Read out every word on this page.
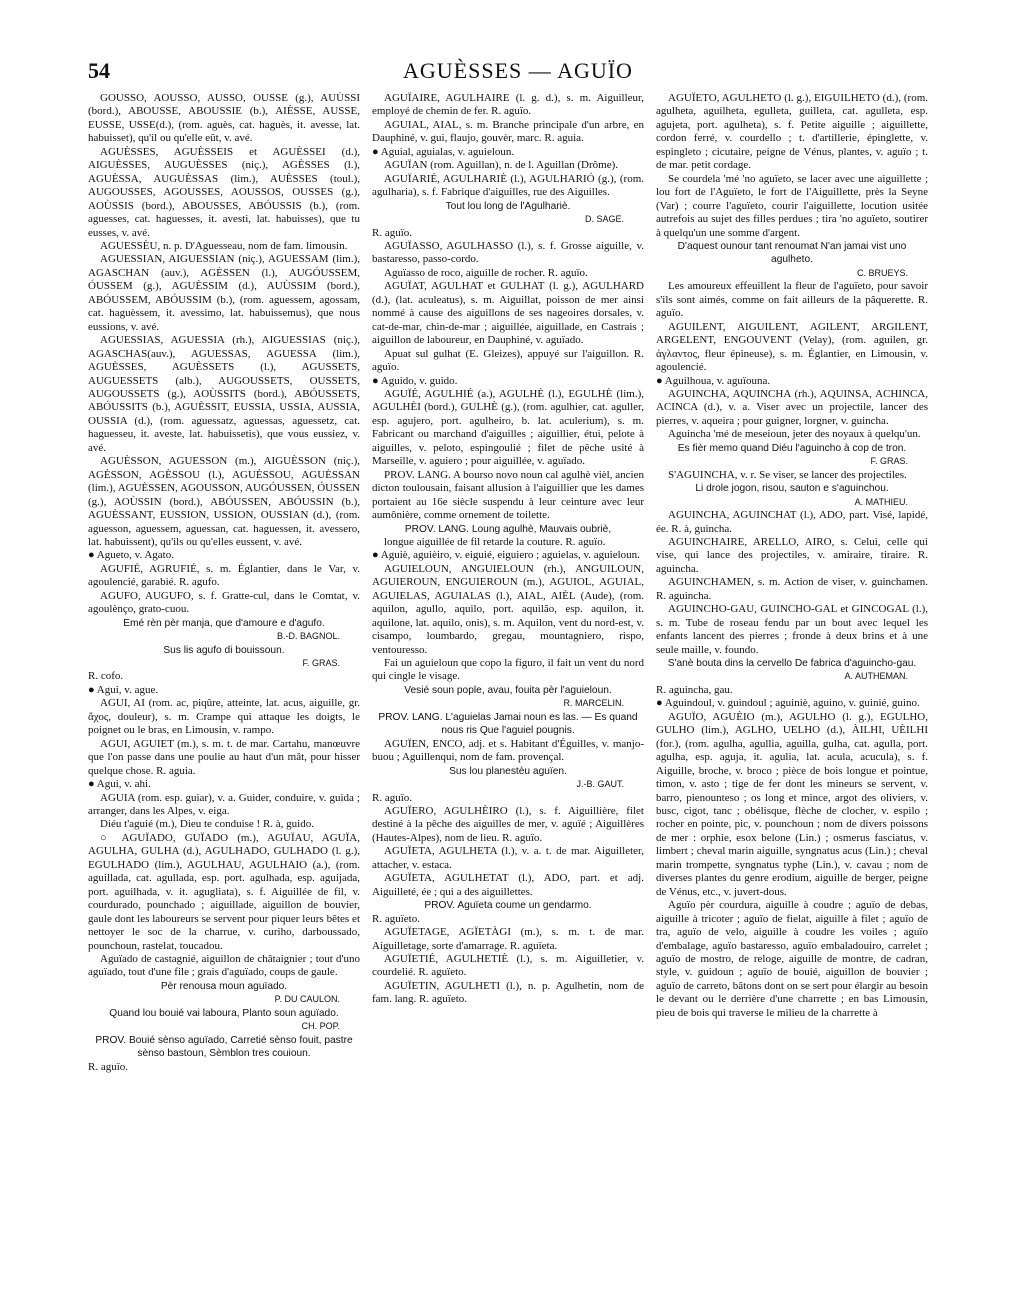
54	AGUÈSSES — AGUÏO

GOUSSO, AOUSSO, AUSSO, OUSSE (g.), AUÙSSI (bord.), ABOUSSE, ABOUSSIE (b.), AIÈSSE, AUSSE, EUSSE, USSE(d.), (rom. aguès, cat. haguès, it. avesse, lat. habuisset), qu'il ou qu'elle eût, v. avé.

AGUÈSSES, AGUÈSSEIS et AGUÈSSEI (d.), AIGUÈSSES, AUGUÈSSES (niç.), AGÈSSES (l.), AGUÈSSA, AUGUÈSSAS (lim.), AUÈSSES (toul.), AUGOUSSES, AGOUSSES, AOUSSOS, OUSSES (g.), AOÙSSIS (bord.), ABOUSSES, ABÓUSSIS (b.), (rom. aguesses, cat. haguesses, it. avesti, lat. habuisses), que tu eusses, v. avé.

AGUESSÈU, n. p. D'Aguesseau, nom de fam. limousin.

AGUESSIAN, AIGUESSIAN (niç.), AGUESSAM (lim.), AGASCHAN (auv.), AGÈSSEN (l.), AUGÓUSSEM, ÓUSSEM (g.), AGUÈSSIM (d.), AUÙSSIM (bord.), ABÓUSSEM, ABÓUSSIM (b.), (rom. aguessem, agossam, cat. haguèssem, it. avessimo, lat. habuissemus), que nous eussions, v. avé.

AGUESSIAS, AGUESSIA (rh.), AIGUESSIAS (niç.), AGASCHAS(auv.), AGUESSAS, AGUESSA (lim.), AGUÈSSES, AGUÈSSETS (l.), AGUSSETS, AUGUESSETS (alb.), AUGOUSSETS, OUSSETS, AUGOUSSETS (g.), AOÙSSITS (bord.), ABÓUSSETS, ABÓUSSITS (b.), AGUÈSSIT, EUSSIA, USSIA, AUSSIA, OUSSIA (d.), (rom. aguessatz, aguessas, aguessetz, cat. haguesseu, it. aveste, lat. habuissetis), que vous eussiez, v. avé.

AGUÈSSON, AGUESSON (m.), AIGUÈSSON (niç.), AGÈSSON, AGÈSSOU (l.), AGUÈSSOU, AGUÈSSAN (lim.), AGUÈSSEN, AGOUSSON, AUGÓUSSEN, ÓUSSEN (g.), AOÙSSIN (bord.), ABÓUSSEN, ABÓUSSIN (b.), AGUÈSSANT, EUSSION, USSION, OUSSIAN (d.), (rom. aguesson, aguessem, aguessan, cat. haguessen, it. avessero, lat. habuissent), qu'ils ou qu'elles eussent, v. avé.

● Agueto, v. Agato.

AGUFIÉ, AGRUFIÉ, s. m. Églantier, dans le Var, v. agoulencié, garabié. R. agufo.

AGUFO, AUGUFO, s. f. Gratte-cul, dans le Comtat, v. agoulènço, grato-cuou.

Emé rèn pèr manja, que d'amoure e d'agufo.

B.-D. BAGNOL.

Sus lis agufo di bouissoun.

F. GRAS.

R. cofo.

● Agui, v. ague.

AGUI, AI (rom. ac, piqûre, atteinte, lat. acus, aiguille, gr. ἄχος, douleur), s. m. Crampe qui attaque les doigts, le poignet ou le bras, en Limousin, v. rampo.

AGUI, AGUIET (m.), s. m. t. de mar. Cartahu, manœuvre que l'on passe dans une poulie au haut d'un mât, pour hisser quelque chose. R. aguia.

● Agui, v. ahi.

AGUIA (rom. esp. guiar), v. a. Guider, conduire, v. guida ; arranger, dans les Alpes, v. eiga.

Diéu t'aguié (m.), Dieu te conduise ! R. à, guido.

○ AGUÏADO, GUÏADO (m.), AGUÏAU, AGUÏA, AGULHA, GULHA (d.), AGULHADO, GULHADO (l. g.), EGULHADO (lim.), AGULHAU, AGULHAIO (a.), (rom. aguillada, cat. agullada, esp. port. agulhada, esp. aguijada, port. aguilhada, v. it. agugliata), s. f. Aiguillée de fil, v. courdurado, pounchado ; aiguillade, aiguillon de bouvier, gaule dont les laboureurs se servent pour piquer leurs bêtes et nettoyer le soc de la charrue, v. curiho, darboussado, pounchoun, rastelat, toucadou.

Aguïado de castagnié, aiguillon de châtaignier ; tout d'uno aguïado, tout d'une file ; grais d'aguïado, coups de gaule.

Pèr renousa moun aguïado.

P. DU CAULON.

Quand lou bouié vai laboura, Planto soun aguïado.

CH. POP.

PROV. Bouié sènso aguïado, Carretié sènso fouit, pastre sènso bastoun, Sèmblon tres couioun.

R. aguïo.

AGUÏAIRE, AGULHAIRE (l. g. d.), s. m. Aiguilleur, employé de chemin de fer. R. aguïo.

AGUIAL, AIAL, s. m. Branche principale d'un arbre, en Dauphiné, v. gui, flaujo, gouvèr, marc. R. aguia.

● Aguial, aguialas, v. aguieloun.

AGUÏAN (rom. Aguillan), n. de l. Aguillan (Drôme).

AGUÏARIÉ, AGULHARIÈ (l.), AGULHARIÓ (g.), (rom. agulharia), s. f. Fabrique d'aiguilles, rue des Aiguilles.

Tout lou long de l'Agulhariè.

D. SAGE.

R. aguïo.

AGUÏASSO, AGULHASSO (l.), s. f. Grosse aiguille, v. bastaresso, passo-cordo.

Aguïasso de roco, aiguille de rocher. R. aguïo.

AGUÏAT, AGULHAT et GULHAT (l. g.), AGULHARD (d.), (lat. aculeatus), s. m. Aiguillat, poisson de mer ainsi nommé à cause des aiguillons de ses nageoires dorsales, v. cat-de-mar, chin-de-mar ; aiguillée, aiguillade, en Castrais ; aiguillon de laboureur, en Dauphiné, v. aguïado.

Apuat sul gulhat (E. Gleizes), appuyé sur l'aiguillon. R. aguïo.

● Aguido, v. guido.

AGUÏÉ, AGULHIÉ (a.), AGULHÈ (l.), EGULHÈ (lim.), AGULHÈI (bord.), GULHÈ (g.), (rom. agulhier, cat. aguller, esp. agujero, port. agulheiro, b. lat. aculerium), s. m. Fabricant ou marchand d'aiguilles ; aiguillier, étui, pelote à aiguilles, v. peloto, espingoulié ; filet de pêche usité à Marseille, v. aguiero ; pour aiguillée, v. aguïado.

PROV. LANG. A bourso novo noun cal agulhè vièl, ancien dicton toulousain, faisant allusion à l'aiguillier que les dames portaient au 16e siècle suspendu à leur ceinture avec leur aumônière, comme ornement de toilette.

PROV. LANG. Loung agulhè, Mauvais oubriè,

longue aiguillée de fil retarde la couture. R. aguïo.

● Aguiè, aguièiro, v. eiguié, eiguiero ; aguielas, v. aguieloun.

AGUIELOUN, ANGUIELOUN (rh.), ANGUILOUN, AGUIEROUN, ENGUIEROUN (m.), AGUIOL, AGUIAL, AGUIELAS, AGUIALAS (l.), AIAL, AIÈL (Aude), (rom. aquilon, agullo, aquilo, port. aquilão, esp. aquilon, it. aquilone, lat. aquilo, onis), s. m. Aquilon, vent du nord-est, v. cisampo, loumbardo, gregau, mountagniero, rispo, ventouresso.

Fai un aguieloun que copo la figuro, il fait un vent du nord qui cingle le visage.

Vesié soun pople, avau, fouita pèr l'aguieloun.

R. MARCELIN.

PROV. LANG. L'aguielas Jamai noun es las. — Es quand nous ris Que l'aguiel pougnis.

AGUÏEN, ENCO, adj. et s. Habitant d'Éguilles, v. manjo-buou ; Aguillenqui, nom de fam. provençal.

Sus lou planestèu aguïen.

J.-B. GAUT.

R. aguïo.

AGUÏERO, AGULHÈIRO (l.), s. f. Aiguillière, filet destiné à la pêche des aiguilles de mer, v. aguïé ; Aiguillères (Hautes-Alpes), nom de lieu. R. aguïo.

AGUÏETA, AGULHETA (l.), v. a. t. de mar. Aiguilleter, attacher, v. estaca.

AGUÏETA, AGULHETAT (l.), ADO, part. et adj. Aiguilleté, ée ; qui a des aiguillettes.

PROV. Aguïeta coume un gendarmo.

R. aguïeto.

AGUÏETAGE, AGÏETÀGI (m.), s. m. t. de mar. Aiguilletage, sorte d'amarrage. R. aguïeta.

AGUÏETIÉ, AGULHETIÈ (l.), s. m. Aiguilletier, v. courdelié. R. aguïeto.

AGUÏETIN, AGULHETI (l.), n. p. Agulhetin, nom de fam. lang. R. aguïeto.

AGUÏETO, AGULHETO (l. g.), EIGUILHETO (d.), (rom. agulheta, aguilheta, egulleta, guilleta, cat. agulleta, esp. agujeta, port. agulheta), s. f. Petite aiguille ; aiguillette, cordon ferré, v. courdello ; t. d'artillerie, épinglette, v. espingleto ; cicutaire, peigne de Vénus, plantes, v. aguïo ; t. de mar. petit cordage.

Se courdela 'mé 'no aguïeto, se lacer avec une aiguillette ; lou fort de l'Aguïeto, le fort de l'Aiguillette, près la Seyne (Var) ; courre l'aguïeto, courir l'aiguillette, locution usitée autrefois au sujet des filles perdues ; tira 'no aguïeto, soutirer à quelqu'un une somme d'argent.

D'aquest ounour tant renoumat N'an jamai vist uno agulheto.

C. BRUEYS.

Les amoureux effeuillent la fleur de l'aguïeto, pour savoir s'ils sont aimés, comme on fait ailleurs de la pâquerette. R. aguïo.

AGUILENT, AIGUILENT, AGILENT, ARGILENT, ARGELENT, ENGOUVENT (Velay), (rom. aguilen, gr. ἀγλαντος, fleur épineuse), s. m. Églantier, en Limousin, v. agoulencié.

● Aguilhoua, v. aguïouna.

AGUINCHA, AQUINCHA (rh.), AQUINSA, ACHINCA, ACINCA (d.), v. a. Viser avec un projectile, lancer des pierres, v. aqueira ; pour guigner, lorgner, v. guincha.

Aguincha 'mé de meseioun, jeter des noyaux à quelqu'un.

Es fièr memo quand Diéu l'aguincho à cop de tron.

F. GRAS.

S'AGUINCHA, v. r. Se viser, se lancer des projectiles.

Li drole jogon, risou, sauton e s'aguinchou.

A. MATHIEU.

AGUINCHA, AGUINCHAT (l.), ADO, part. Visé, lapidé, ée. R. à, guincha.

AGUINCHAIRE, ARELLO, AIRO, s. Celui, celle qui vise, qui lance des projectiles, v. amiraire, tiraire. R. aguincha.

AGUINCHAMEN, s. m. Action de viser, v. guinchamen. R. aguincha.

AGUINCHO-GAU, GUINCHO-GAL et GINCOGAL (l.), s. m. Tube de roseau fendu par un bout avec lequel les enfants lancent des pierres ; fronde à deux brins et à une seule maille, v. foundo.

S'anè bouta dins la cervello De fabrica d'aguincho-gau.

A. AUTHEMAN.

R. aguincha, gau.

● Aguindoul, v. guindoul ; aguiniè, aguino, v. guinié, guino.

AGUÏO, AGUÈIO (m.), AGULHO (l. g.), EGULHO, GULHO (lim.), AGLHO, UELHO (d.), ÀILHI, UÈILHI (for.), (rom. agulha, agullia, aguilla, gulha, cat. agulla, port. agulha, esp. aguja, it. agulia, lat. acula, acucula), s. f. Aiguille, broche, v. broco ; pièce de bois longue et pointue, timon, v. asto ; tige de fer dont les mineurs se servent, v. barro, pienounteso ; os long et mince, argot des oliviers, v. busc, cigot, tanc ; obélisque, flèche de clocher, v. espilo ; rocher en pointe, pic, v. pounchoun ; nom de divers poissons de mer : orphie, esox belone (Lin.) ; osmerus fasciatus, v. limbert ; cheval marin aiguille, syngnatus acus (Lin.) ; cheval marin trompette, syngnatus typhe (Lin.), v. cavau ; nom de diverses plantes du genre erodium, aiguille de berger, peigne de Vénus, etc., v. juvert-dous.

Aguïo pèr courdura, aiguille à coudre ; aguïo de debas, aiguille à tricoter ; aguïo de fielat, aiguille à filet ; aguïo de tra, aguïo de velo, aiguille à coudre les voiles ; aguïo d'embalage, aguïo bastaresso, aguïo embaladouiro, carrelet ; aguïo de mostro, de reloge, aiguille de montre, de cadran, style, v. guidoun ; aguïo de bouié, aiguillon de bouvier ; aguïo de carreto, bâtons dont on se sert pour élargir au besoin le devant ou le derrière d'une charrette ; en bas Limousin, pieu de bois qui traverse le milieu de la charrette à
